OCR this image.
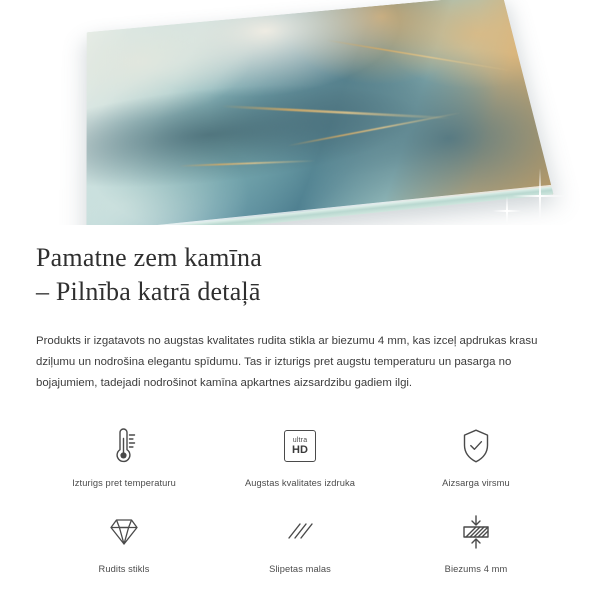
Pamatne zem kamīna
– Pilnība katrā detaļā

Produkts ir izgatavots no augstas kvalitates rudita stikla ar biezumu 4 mm, kas izceļ apdrukas krasu dziļumu un nodrošina elegantu spīdumu. Tas ir izturigs pret augstu temperaturu un pasarga no bojajumiem, tadejadi nodrošinot kamīna apkartnes aizsardzibu gadiem ilgi.

Izturigs pret temperaturu
ultra
HD
Augstas kvalitates izdruka	Aizsarga virsmu
Rudits stikls	Slipetas malas	Biezums 4 mm
